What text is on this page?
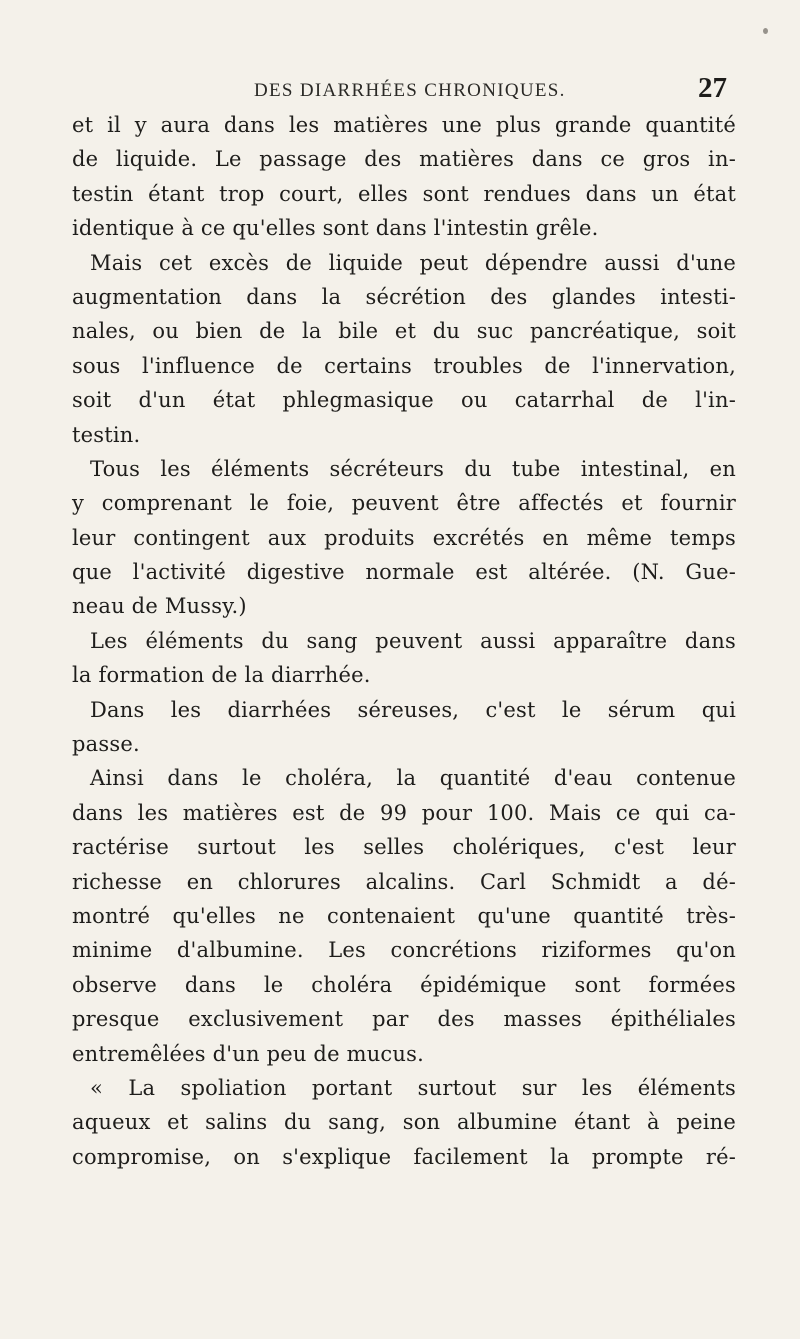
DES DIARRHÉES CHRONIQUES.	27
et il y aura dans les matières une plus grande quantité
de liquide. Le passage des matières dans ce gros in-
testin étant trop court, elles sont rendues dans un état
identique à ce qu'elles sont dans l'intestin grêle.
Mais cet excès de liquide peut dépendre aussi d'une
augmentation dans la sécrétion des glandes intesti-
nales, ou bien de la bile et du suc pancréatique, soit
sous l'influence de certains troubles de l'innervation,
soit d'un état phlegmasique ou catarrhal de l'in-
testin.
Tous les éléments sécréteurs du tube intestinal, en
y comprenant le foie, peuvent être affectés et fournir
leur contingent aux produits excrétés en même temps
que l'activité digestive normale est altérée. (N. Gue-
neau de Mussy.)
Les éléments du sang peuvent aussi apparaître dans
la formation de la diarrhée.
Dans les diarrhées séreuses, c'est le sérum qui
passe.
Ainsi dans le choléra, la quantité d'eau contenue
dans les matières est de 99 pour 100. Mais ce qui ca-
ractérise surtout les selles cholériques, c'est leur
richesse en chlorures alcalins. Carl Schmidt a dé-
montré qu'elles ne contenaient qu'une quantité très-
minime d'albumine. Les concrétions riziformes qu'on
observe dans le choléra épidémique sont formées
presque exclusivement par des masses épithéliales
entremêlées d'un peu de mucus.
« La spoliation portant surtout sur les éléments
aqueux et salins du sang, son albumine étant à peine
compromise, on s'explique facilement la prompte ré-
